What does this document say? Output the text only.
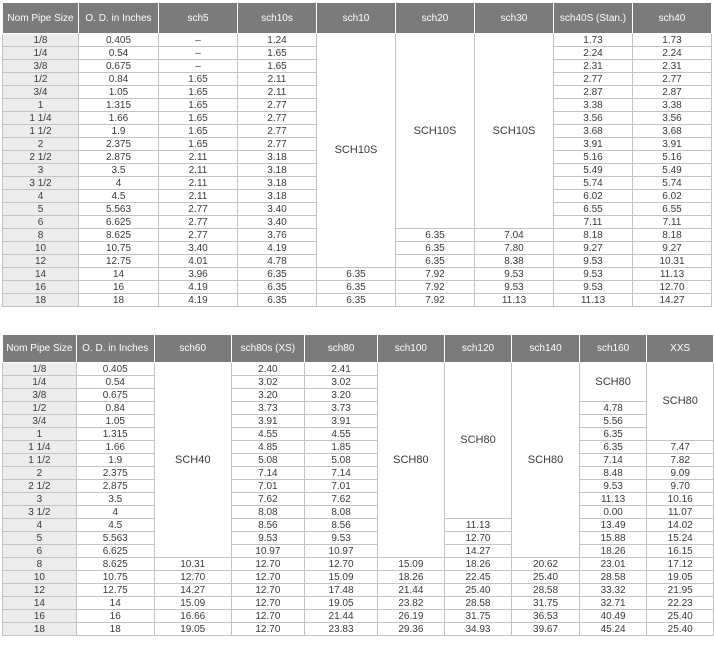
Nom Pipe Size	O. D. in Inches	sch5	sch10s	sch10	sch20	sch30	sch40S (Stan.)	sch40
1/8	0.405	–	1.24	SCH10S	SCH10S	SCH10S	1.73	1.73
1/4	0.54	–	1.65				2.24	2.24
3/8	0.675	–	1.65				2.31	2.31
1/2	0.84	1.65	2.11				2.77	2.77
3/4	1.05	1.65	2.11				2.87	2.87
1	1.315	1.65	2.77				3.38	3.38
1 1/4	1.66	1.65	2.77				3.56	3.56
1 1/2	1.9	1.65	2.77				3.68	3.68
2	2.375	1.65	2.77				3.91	3.91
2 1/2	2.875	2.11	3.18				5.16	5.16
3	3.5	2.11	3.18				5.49	5.49
3 1/2	4	2.11	3.18				5.74	5.74
4	4.5	2.11	3.18				6.02	6.02
5	5.563	2.77	3.40				6.55	6.55
6	6.625	2.77	3.40				7.11	7.11
8	8.625	2.77	3.76		6.35	7.04	8.18	8.18
10	10.75	3.40	4.19		6.35	7.80	9.27	9.27
12	12.75	4.01	4.78		6.35	8.38	9.53	10.31
14	14	3.96	6.35	6.35	7.92	9.53	9.53	11.13
16	16	4.19	6.35	6.35	7.92	9.53	9.53	12.70
18	18	4.19	6.35	6.35	7.92	11.13	11.13	14.27
Nom Pipe Size	O. D. in Inches	sch60	sch80s (XS)	sch80	sch100	sch120	sch140	sch160	XXS
1/8	0.405	SCH40	2.40	2.41	SCH80	SCH80	SCH80	SCH80	SCH80
1/4	0.54		3.02	3.02					
3/8	0.675		3.20	3.20					
1/2	0.84		3.73	3.73				4.78	
3/4	1.05		3.91	3.91				5.56	
1	1.315		4.55	4.55				6.35	
1 1/4	1.66		4.85	1.85				6.35	7.47
1 1/2	1.9		5.08	5.08				7.14	7.82
2	2.375		7.14	7.14				8.48	9.09
2 1/2	2.875		7.01	7.01				9.53	9.70
3	3.5		7.62	7.62				11.13	10.16
3 1/2	4		8.08	8.08				0.00	11.07
4	4.5		8.56	8.56		11.13		13.49	14.02
5	5.563		9.53	9.53		12.70		15.88	15.24
6	6.625		10.97	10.97		14.27		18.26	16.15
8	8.625	10.31	12.70	12.70	15.09	18.26	20.62	23.01	17.12
10	10.75	12.70	12.70	15.09	18.26	22.45	25.40	28.58	19.05
12	12.75	14.27	12.70	17.48	21.44	25.40	28.58	33.32	21.95
14	14	15.09	12.70	19.05	23.82	28.58	31.75	32.71	22.23
16	16	16.66	12.70	21.44	26.19	31.75	36.53	40.49	25.40
18	18	19.05	12.70	23.83	29.36	34.93	39.67	45.24	25.40
